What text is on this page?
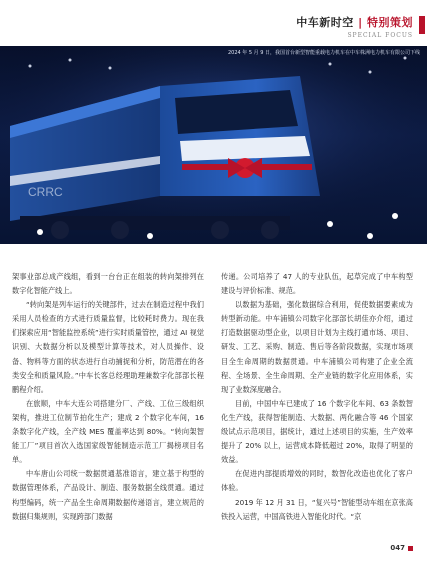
中车新时空 | 特别策划
SPECIAL FOCUS
CRRC
2024 年 5 月 9 日，我国首台新型智能重载电力机车在中车株洲电力机车有限公司下线

架事业部总成产线组，看到一台台正在组装的转向架排列在数字化智能产线上。

“转向架是列车运行的关键部件，过去在制造过程中我们采用人员检查的方式进行质量监督，比较耗时费力。现在我们探索应用“智能监控系统”进行实时质量管控，通过 AI 视觉识别、大数据分析以及模型计算等技术，对人员操作、设备、物料等方面的状态进行自动捕捉和分析，防范潜在的各类安全和质量风险。”中车长客总经理助理兼数字化部部长程鹏程介绍。

在旅顺，中车大连公司搭建分厂、产线、工位三级组织架构，推进工位制节拍化生产；建成 2 个数字化车间，16 条数字化产线，全产线 MES 覆盖率达到 80%。“转向架智能工厂”项目首次入选国家级智能制造示范工厂揭榜项目名单。

中车唐山公司统一数据贯通基准语言，建立基于构型的数据管理体系，产品设计、制造、服务数据全线贯通。通过构型编码，统一产品全生命周期数据传递语言，建立规范的数据归集规则，实现跨部门数据

传递。公司培养了 47 人的专业队伍，起草完成了中车构型建设与评价标准、规范。

以数据为基础，强化数据综合利用，促使数据要素成为转型新动能。中车浦镇公司数字化部部长胡佳亦介绍，通过打造数据驱动型企业，以项目计划为主线打通市场、项目、研发、工艺、采购、制造、售后等各阶段数据，实现市场项目全生命周期的数据贯通。中车浦镇公司构建了企业全流程、全场景、全生命周期、全产业链的数字化应用体系，实现了业数深度融合。

目前，中国中车已建成了 16 个数字化车间、63 条数智化生产线，获得智能制造、大数据、两化融合等 46 个国家级试点示范项目，据统计，通过上述项目的实施，生产效率提升了 20% 以上，运营成本降低超过 20%，取得了明显的效益。

在促进内部提质增效的同时，数智化改造也优化了客户体验。

2019 年 12 月 31 日，“复兴号”智能型动车组在京张高铁投入运营，中国高铁进入智能化时代。“京

047
